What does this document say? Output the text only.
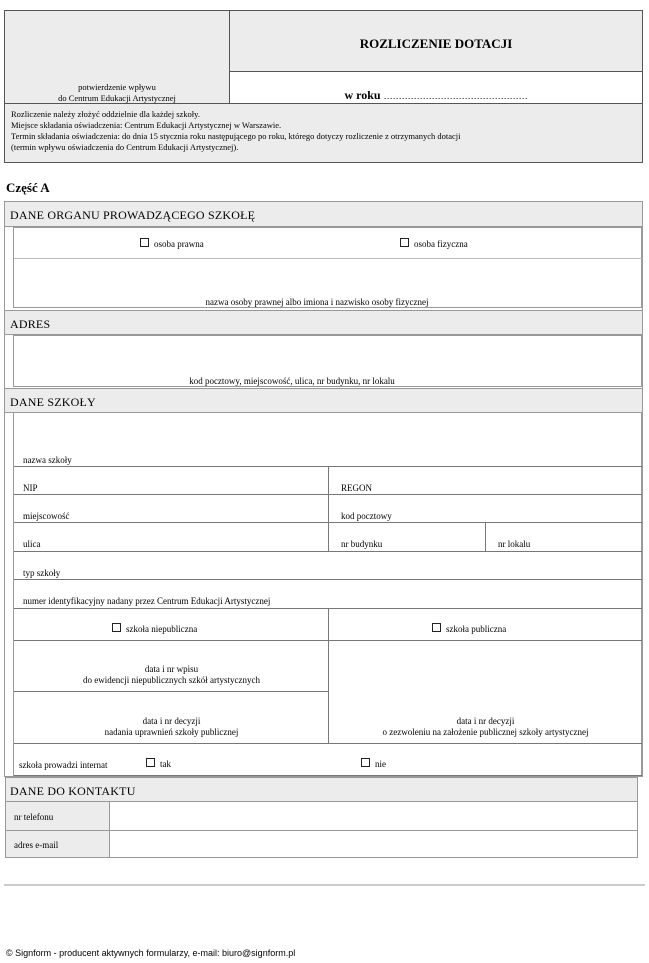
potwierdzenie wpływu
do Centrum Edukacji Artystycznej
ROZLICZENIE DOTACJI
w roku …………………………………………
Rozliczenie należy złożyć oddzielnie dla każdej szkoły.
Miejsce składania oświadczenia: Centrum Edukacji Artystycznej w Warszawie.
Termin składania oświadczenia: do dnia 15 stycznia roku następującego po roku, którego dotyczy rozliczenie z otrzymanych dotacji
(termin wpływu oświadczenia do Centrum Edukacji Artystycznej).
Część A
DANE ORGANU PROWADZĄCEGO SZKOŁĘ
osoba prawna	osoba fizyczna
nazwa osoby prawnej albo imiona i nazwisko osoby fizycznej
ADRES
kod pocztowy, miejscowość, ulica, nr budynku, nr lokalu
DANE SZKOŁY
nazwa szkoły
NIP	REGON
miejscowość	kod pocztowy
ulica	nr budynku	nr lokalu
typ szkoły
numer identyfikacyjny nadany przez Centrum Edukacji Artystycznej
szkoła niepubliczna	szkoła publiczna
data i nr wpisu
do ewidencji niepublicznych szkół artystycznych
data i nr decyzji
nadania uprawnień szkoły publicznej
data i nr decyzji
o zezwoleniu na założenie publicznej szkoły artystycznej
szkoła prowadzi internat	tak	nie
DANE DO KONTAKTU
nr telefonu
adres e-mail
© Signform - producent aktywnych formularzy, e-mail: biuro@signform.pl
